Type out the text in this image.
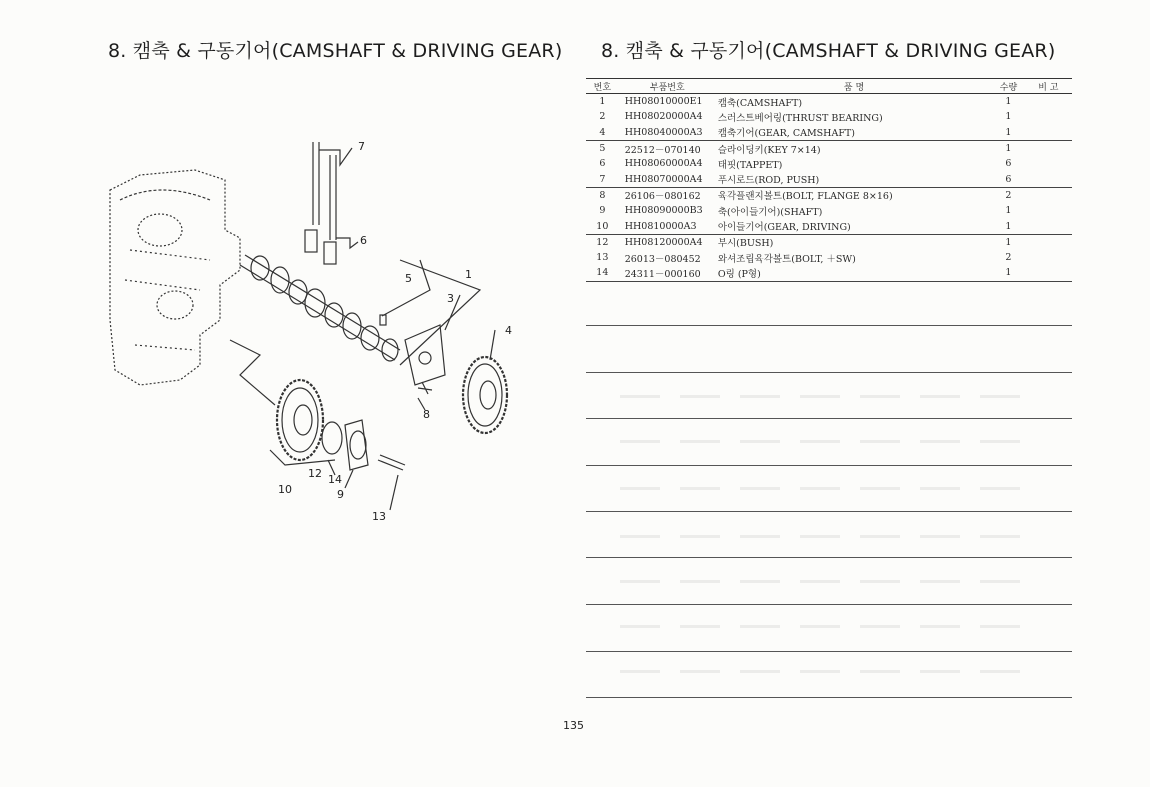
8. 캠축 & 구동기어(CAMSHAFT & DRIVING GEAR) 8. 캠축 & 구동기어(CAMSHAFT & DRIVING GEAR)
7
6
5
3
1
4
8
12 14
10	9
13
번호	부품번호	품 명	수량	비 고
1	HH08010000E1	캠축(CAMSHAFT)	1	
2	HH08020000A4	스러스트베어링(THRUST BEARING)	1	
4	HH08040000A3	캠축기어(GEAR, CAMSHAFT)	1	
5	22512－070140	슬라이딩키(KEY 7×14)	1	
6	HH08060000A4	태핏(TAPPET)	6	
7	HH08070000A4	푸시로드(ROD, PUSH)	6	
8	26106－080162	육각플랜지볼트(BOLT, FLANGE 8×16)	2	
9	HH08090000B3	축(아이들기어)(SHAFT)	1	
10	HH0810000A3	아이들기어(GEAR, DRIVING)	1	
12	HH08120000A4	부시(BUSH)	1	
13	26013－080452	와셔조립육각볼트(BOLT, ＋SW)	2	
14	24311－000160	O링 (P형)	1	
135
